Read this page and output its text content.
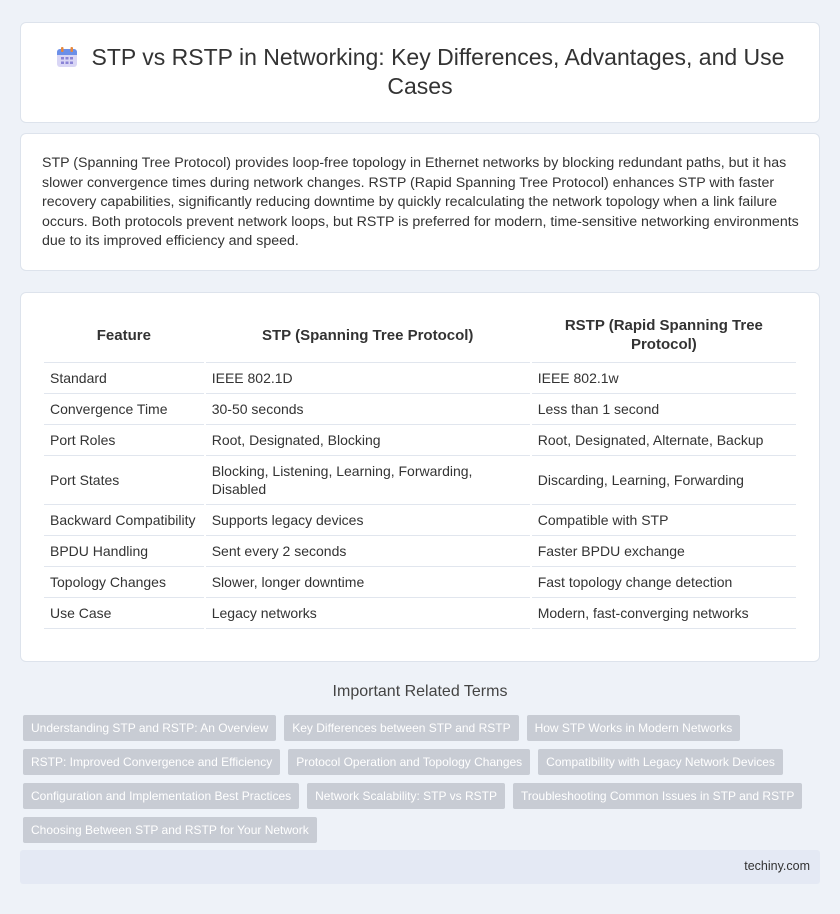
STP vs RSTP in Networking: Key Differences, Advantages, and Use Cases

STP (Spanning Tree Protocol) provides loop-free topology in Ethernet networks by blocking redundant paths, but it has slower convergence times during network changes. RSTP (Rapid Spanning Tree Protocol) enhances STP with faster recovery capabilities, significantly reducing downtime by quickly recalculating the network topology when a link failure occurs. Both protocols prevent network loops, but RSTP is preferred for modern, time-sensitive networking environments due to its improved efficiency and speed.

Feature	STP (Spanning Tree Protocol)	RSTP (Rapid Spanning Tree Protocol)
Standard	IEEE 802.1D	IEEE 802.1w
Convergence Time	30-50 seconds	Less than 1 second
Port Roles	Root, Designated, Blocking	Root, Designated, Alternate, Backup
Port States	Blocking, Listening, Learning, Forwarding, Disabled	Discarding, Learning, Forwarding
Backward Compatibility	Supports legacy devices	Compatible with STP
BPDU Handling	Sent every 2 seconds	Faster BPDU exchange
Topology Changes	Slower, longer downtime	Fast topology change detection
Use Case	Legacy networks	Modern, fast-converging networks
Important Related Terms
Understanding STP and RSTP: An Overview	Key Differences between STP and RSTP	How STP Works in Modern Networks
RSTP: Improved Convergence and Efficiency	Protocol Operation and Topology Changes	Compatibility with Legacy Network Devices
Configuration and Implementation Best Practices	Network Scalability: STP vs RSTP	Troubleshooting Common Issues in STP and RSTP
Choosing Between STP and RSTP for Your Network
techiny.com
